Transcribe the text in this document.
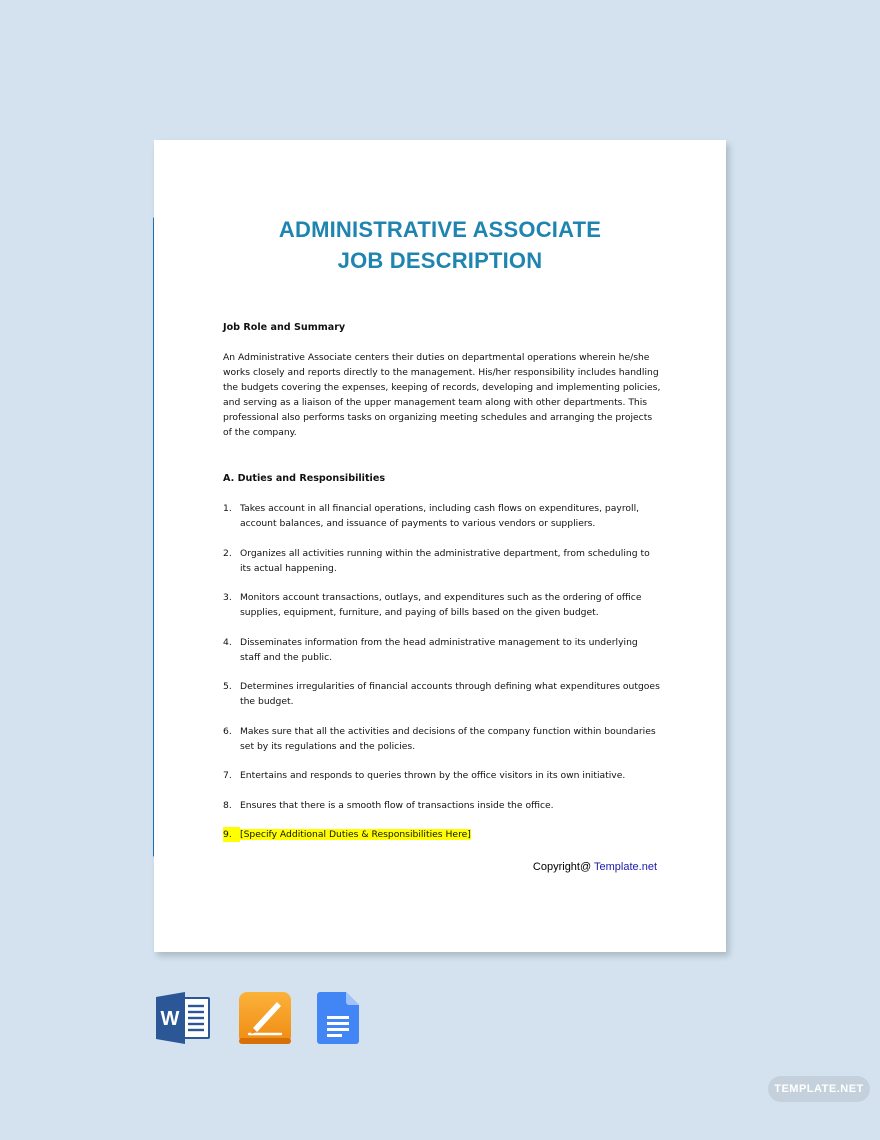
ADMINISTRATIVE ASSOCIATE
JOB DESCRIPTION
Job Role and Summary
An Administrative Associate centers their duties on departmental operations wherein he/she works closely and reports directly to the management. His/her responsibility includes handling the budgets covering the expenses, keeping of records, developing and implementing policies, and serving as a liaison of the upper management team along with other departments. This professional also performs tasks on organizing meeting schedules and arranging the projects of the company.
A. Duties and Responsibilities
1. Takes account in all financial operations, including cash flows on expenditures, payroll, account balances, and issuance of payments to various vendors or suppliers.
2. Organizes all activities running within the administrative department, from scheduling to its actual happening.
3. Monitors account transactions, outlays, and expenditures such as the ordering of office supplies, equipment, furniture, and paying of bills based on the given budget.
4. Disseminates information from the head administrative management to its underlying staff and the public.
5. Determines irregularities of financial accounts through defining what expenditures outgoes the budget.
6. Makes sure that all the activities and decisions of the company function within boundaries set by its regulations and the policies.
7. Entertains and responds to queries thrown by the office visitors in its own initiative.
8. Ensures that there is a smooth flow of transactions inside the office.
9. [Specify Additional Duties & Responsibilities Here]
Copyright@ Template.net
W
TEMPLATE.NET
